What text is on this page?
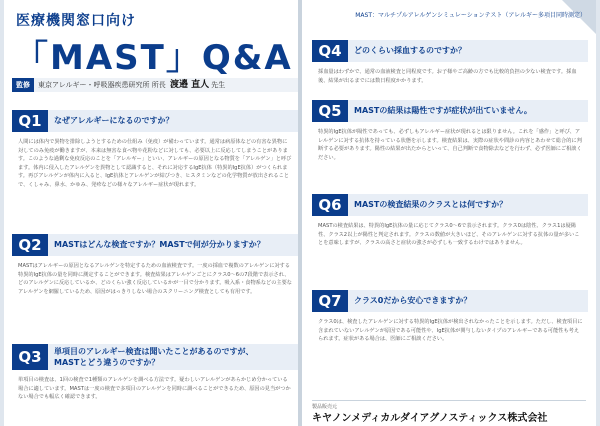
医療機関窓口向け
「MAST」Q&A
監修 東京アレルギー・呼吸器疾患研究所 所長 渡邉 直人 先生
Q1	なぜアレルギーになるのですか？

人間には体内で異物を排除しようとするための仕組み（免疫）が備わっています。通常は病原体などの有害な異物に対してのみ免疫が働きますが、本来は無害な食べ物や花粉などに対しても、必要以上に反応してしまうことがあります。このような過剰な免疫反応のことを「アレルギー」といい、アレルギーの原因となる物質を「アレルゲン」と呼びます。体内に侵入したアレルゲンを異物として認識すると、それに対応するIgE抗体（特異的IgE抗体）がつくられます。再びアレルゲンが体内に入ると、IgE抗体とアレルゲンが結びつき、ヒスタミンなどの化学物質が放出されることで、くしゃみ、鼻水、かゆみ、発疹などの様々なアレルギー症状が現れます。

Q2	MASTはどんな検査ですか？MASTで何が分かりますか？

MASTはアレルギーの原因となるアレルゲンを特定するための血液検査です。一度の採血で複数のアレルゲンに対する特異的IgE抗体の量を同時に測定することができます。検査結果はアレルゲンごとにクラス0〜6の7段階で表示され、どのアレルゲンに反応しているか、どのくらい強く反応しているかが一目で分かります。吸入系・食物系などの主要なアレルゲンを網羅しているため、原因がはっきりしない場合のスクリーニング検査としても有用です。

Q3	単項目のアレルギー検査は聞いたことがあるのですが、
MASTとどう違うのですか？

単項目の検査は、1回の検査で1種類のアレルゲンを調べる方法です。疑わしいアレルゲンがあらかじめ分かっている場合に適しています。MASTは一度の検査で多項目のアレルゲンを同時に調べることができるため、原因の見当がつかない場合でも幅広く確認できます。

MAST：マルチプルアレルゲンシミュレーションテスト（アレルギー多項目同時測定）
Q4	どのくらい採血するのですか？

採血量はわずかで、通常の血液検査と同程度です。お子様やご高齢の方でも比較的負担の少ない検査です。採血後、結果が出るまでには数日程度かかります。

Q5	MASTの結果は陽性ですが症状が出ていません。

特異的IgE抗体が陽性であっても、必ずしもアレルギー症状が現れるとは限りません。これを「感作」と呼び、アレルゲンに対する抗体を持っている状態を示します。検査結果は、実際の症状や問診の内容とあわせて総合的に判断する必要があります。陽性の結果が出たからといって、自己判断で食物除去などを行わず、必ず医師にご相談ください。

Q6	MASTの検査結果のクラスとは何ですか？

MASTの検査結果は、特異的IgE抗体の量に応じてクラス0〜6で表示されます。クラス0は陰性、クラス1は疑陽性、クラス2以上が陽性と判定されます。クラスの数値が大きいほど、そのアレルゲンに対する抗体の量が多いことを意味しますが、クラスの高さと症状の強さが必ずしも一致するわけではありません。

Q7	クラス0だから安心できますか？

クラス0は、検査したアレルゲンに対する特異的IgE抗体が検出されなかったことを示します。ただし、検査項目に含まれていないアレルゲンが原因である可能性や、IgE抗体が関与しないタイプのアレルギーである可能性も考えられます。症状がある場合は、医師にご相談ください。

製品販売元
キヤノンメディカルダイアグノスティックス株式会社
